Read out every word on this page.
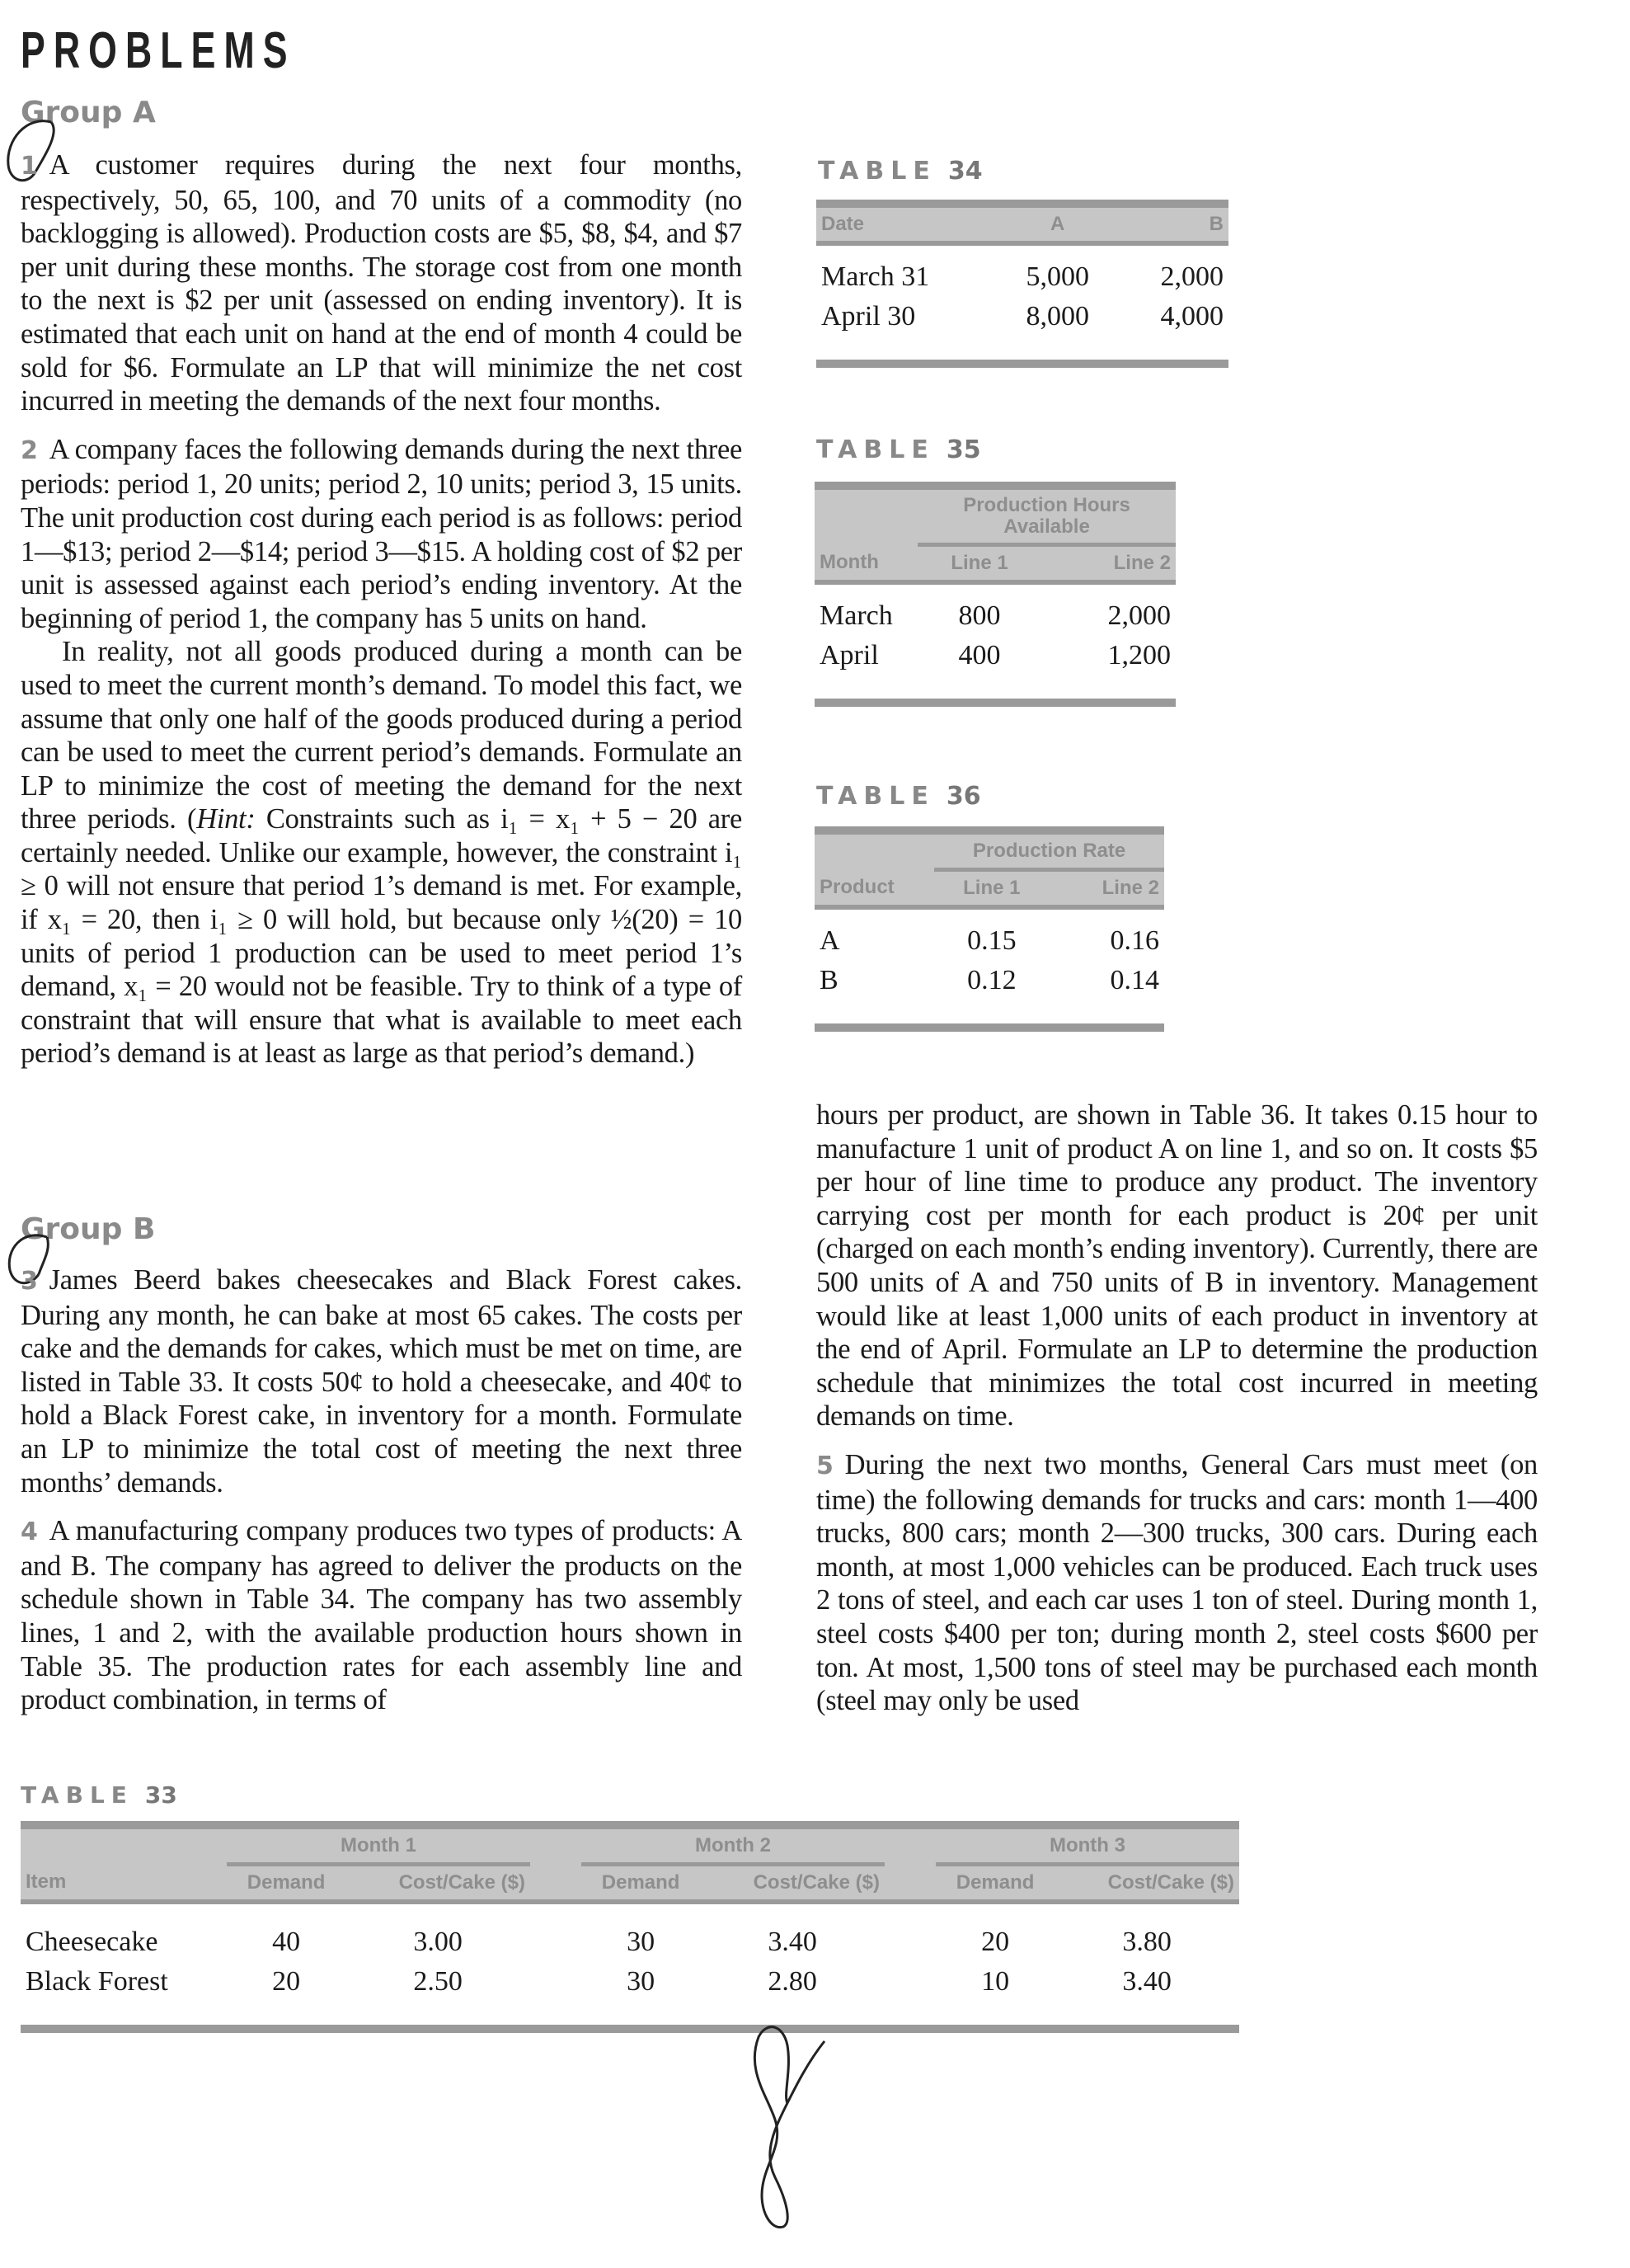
PROBLEMS
Group A

1 A customer requires during the next four months, respectively, 50, 65, 100, and 70 units of a commodity (no backlogging is allowed). Production costs are $5, $8, $4, and $7 per unit during these months. The storage cost from one month to the next is $2 per unit (assessed on ending inventory). It is estimated that each unit on hand at the end of month 4 could be sold for $6. Formulate an LP that will minimize the net cost incurred in meeting the demands of the next four months.

2 A company faces the following demands during the next three periods: period 1, 20 units; period 2, 10 units; period 3, 15 units. The unit production cost during each period is as follows: period 1—$13; period 2—$14; period 3—$15. A holding cost of $2 per unit is assessed against each period’s ending inventory. At the beginning of period 1, the company has 5 units on hand.

In reality, not all goods produced during a month can be used to meet the current month’s demand. To model this fact, we assume that only one half of the goods produced during a period can be used to meet the current period’s demands. Formulate an LP to minimize the cost of meeting the demand for the next three periods. (Hint: Constraints such as i₁ = x₁ + 5 − 20 are certainly needed. Unlike our example, however, the constraint i₁ ≥ 0 will not ensure that period 1’s demand is met. For example, if x₁ = 20, then i₁ ≥ 0 will hold, but because only ½(20) = 10 units of period 1 production can be used to meet period 1’s demand, x₁ = 20 would not be feasible. Try to think of a type of constraint that will ensure that what is available to meet each period’s demand is at least as large as that period’s demand.)

Group B

3 James Beerd bakes cheesecakes and Black Forest cakes. During any month, he can bake at most 65 cakes. The costs per cake and the demands for cakes, which must be met on time, are listed in Table 33. It costs 50¢ to hold a cheesecake, and 40¢ to hold a Black Forest cake, in inventory for a month. Formulate an LP to minimize the total cost of meeting the next three months’ demands.

4 A manufacturing company produces two types of products: A and B. The company has agreed to deliver the products on the schedule shown in Table 34. The company has two assembly lines, 1 and 2, with the available production hours shown in Table 35. The production rates for each assembly line and product combination, in terms of

TABLE 34
Date	A	B

March 31	5,000	2,000
April 30	8,000	4,000

TABLE 35
	Production Hours Available	
Month	Line 1	Line 2

March	800	2,000
April	400	1,200

TABLE 36
	Production Rate	
Product	Line 1	Line 2

A	0.15	0.16
B	0.12	0.14

hours per product, are shown in Table 36. It takes 0.15 hour to manufacture 1 unit of product A on line 1, and so on. It costs $5 per hour of line time to produce any product. The inventory carrying cost per month for each product is 20¢ per unit (charged on each month’s ending inventory). Currently, there are 500 units of A and 750 units of B in inventory. Management would like at least 1,000 units of each product in inventory at the end of April. Formulate an LP to determine the production schedule that minimizes the total cost incurred in meeting demands on time.

5 During the next two months, General Cars must meet (on time) the following demands for trucks and cars: month 1—400 trucks, 800 cars; month 2—300 trucks, 300 cars. During each month, at most 1,000 vehicles can be produced. Each truck uses 2 tons of steel, and each car uses 1 ton of steel. During month 1, steel costs $400 per ton; during month 2, steel costs $600 per ton. At most, 1,500 tons of steel may be purchased each month (steel may only be used

TABLE 33
	Month 1			Month 2			Month 3	
Item	Demand	Cost/Cake ($)		Demand	Cost/Cake ($)		Demand	Cost/Cake ($)

Cheesecake	40	3.00		30	3.40		20	3.80
Black Forest	20	2.50		30	2.80		10	3.40
